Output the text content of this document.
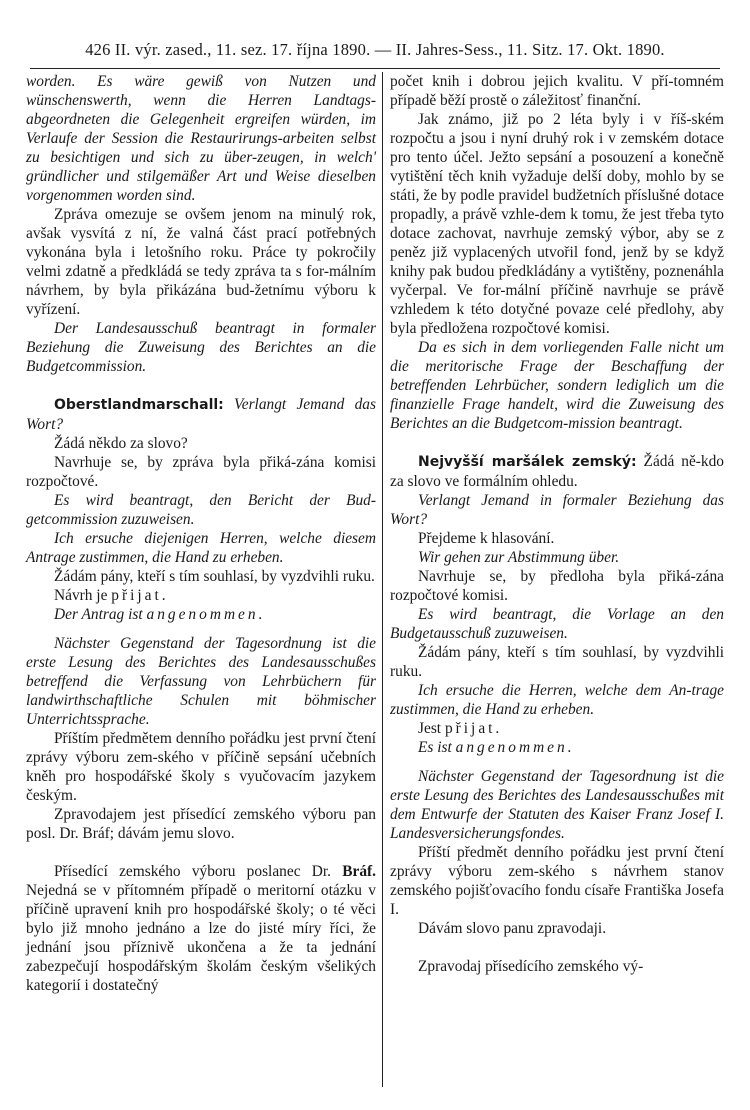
426 II. výr. zased., 11. sez. 17. října 1890. — II. Jahres-Sess., 11. Sitz. 17. Okt. 1890.

worden. Es wäre gewiß von Nutzen und wünschenswerth, wenn die Herren Landtags-abgeordneten die Gelegenheit ergreifen würden, im Verlaufe der Session die Restaurirungs-arbeiten selbst zu besichtigen und sich zu über-zeugen, in welch' gründlicher und stilgemäßer Art und Weise dieselben vorgenommen worden sind.

Zpráva omezuje se ovšem jenom na minulý rok, avšak vysvítá z ní, že valná část prací potřebných vykonána byla i letošního roku. Práce ty pokročily velmi zdatně a předkládá se tedy zpráva ta s for-málním návrhem, by byla přikázána bud-žetnímu výboru k vyřízení.

Der Landesausschuß beantragt in formaler Beziehung die Zuweisung des Berichtes an die Budgetcommission.

Oberstlandmarschall: Verlangt Jemand das Wort?

Žádá někdo za slovo?

Navrhuje se, by zpráva byla přiká-zána komisi rozpočtové.

Es wird beantragt, den Bericht der Bud-getcommission zuzuweisen.

Ich ersuche diejenigen Herren, welche diesem Antrage zustimmen, die Hand zu erheben.

Žádám pány, kteří s tím souhlasí, by vyzdvihli ruku.

Návrh je přijat.

Der Antrag ist angenommen.

Nächster Gegenstand der Tagesordnung ist die erste Lesung des Berichtes des Landesausschußes betreffend die Verfassung von Lehrbüchern für landwirthschaftliche Schulen mit böhmischer Unterrichtssprache.

Příštím předmětem denního pořádku jest první čtení zprávy výboru zem-ského v příčině sepsání učebních kněh pro hospodářské školy s vyučovacím jazykem českým.

Zpravodajem jest přísedící zemského výboru pan posl. Dr. Bráf; dávám jemu slovo.

Přísedící zemského výboru poslanec Dr. Bráf. Nejedná se v přítomném případě o meritorní otázku v příčině upravení knih pro hospodářské školy; o té věci bylo již mnoho jednáno a lze do jisté míry říci, že jednání jsou příznivě ukončena a že ta jednání zabezpečují hospodářským školám českým všelikých kategorií i dostatečný

počet knih i dobrou jejich kvalitu. V pří-tomném případě běží prostě o záležitosť finanční.

Jak známo, již po 2 léta byly i v říš-ském rozpočtu a jsou i nyní druhý rok i v zemském dotace pro tento účel. Ježto sepsání a posouzení a konečně vytištění těch knih vyžaduje delší doby, mohlo by se státi, že by podle pravidel budžetních příslušné dotace propadly, a právě vzhle-dem k tomu, že jest třeba tyto dotace zachovat, navrhuje zemský výbor, aby se z peněz již vyplacených utvořil fond, jenž by se když knihy pak budou předkládány a vytištěny, poznenáhla vyčerpal. Ve for-mální příčině navrhuje se právě vzhledem k této dotyčné povaze celé předlohy, aby byla předložena rozpočtové komisi.

Da es sich in dem vorliegenden Falle nicht um die meritorische Frage der Beschaffung der betreffenden Lehrbücher, sondern lediglich um die finanzielle Frage handelt, wird die Zuweisung des Berichtes an die Budgetcom-mission beantragt.

Nejvyšší maršálek zemský: Žádá ně-kdo za slovo ve formálním ohledu.

Verlangt Jemand in formaler Beziehung das Wort?

Přejdeme k hlasování.

Wir gehen zur Abstimmung über.

Navrhuje se, by předloha byla přiká-zána rozpočtové komisi.

Es wird beantragt, die Vorlage an den Budgetausschuß zuzuweisen.

Žádám pány, kteří s tím souhlasí, by vyzdvihli ruku.

Ich ersuche die Herren, welche dem An-trage zustimmen, die Hand zu erheben.

Jest přijat.

Es ist angenommen.

Nächster Gegenstand der Tagesordnung ist die erste Lesung des Berichtes des Landesausschußes mit dem Entwurfe der Statuten des Kaiser Franz Josef I. Landesversicherungsfondes.

Příští předmět denního pořádku jest první čtení zprávy výboru zem-ského s návrhem stanov zemského pojišťovacího fondu císaře Františka Josefa I.

Dávám slovo panu zpravodaji.

Zpravodaj přísedícího zemského vý-
